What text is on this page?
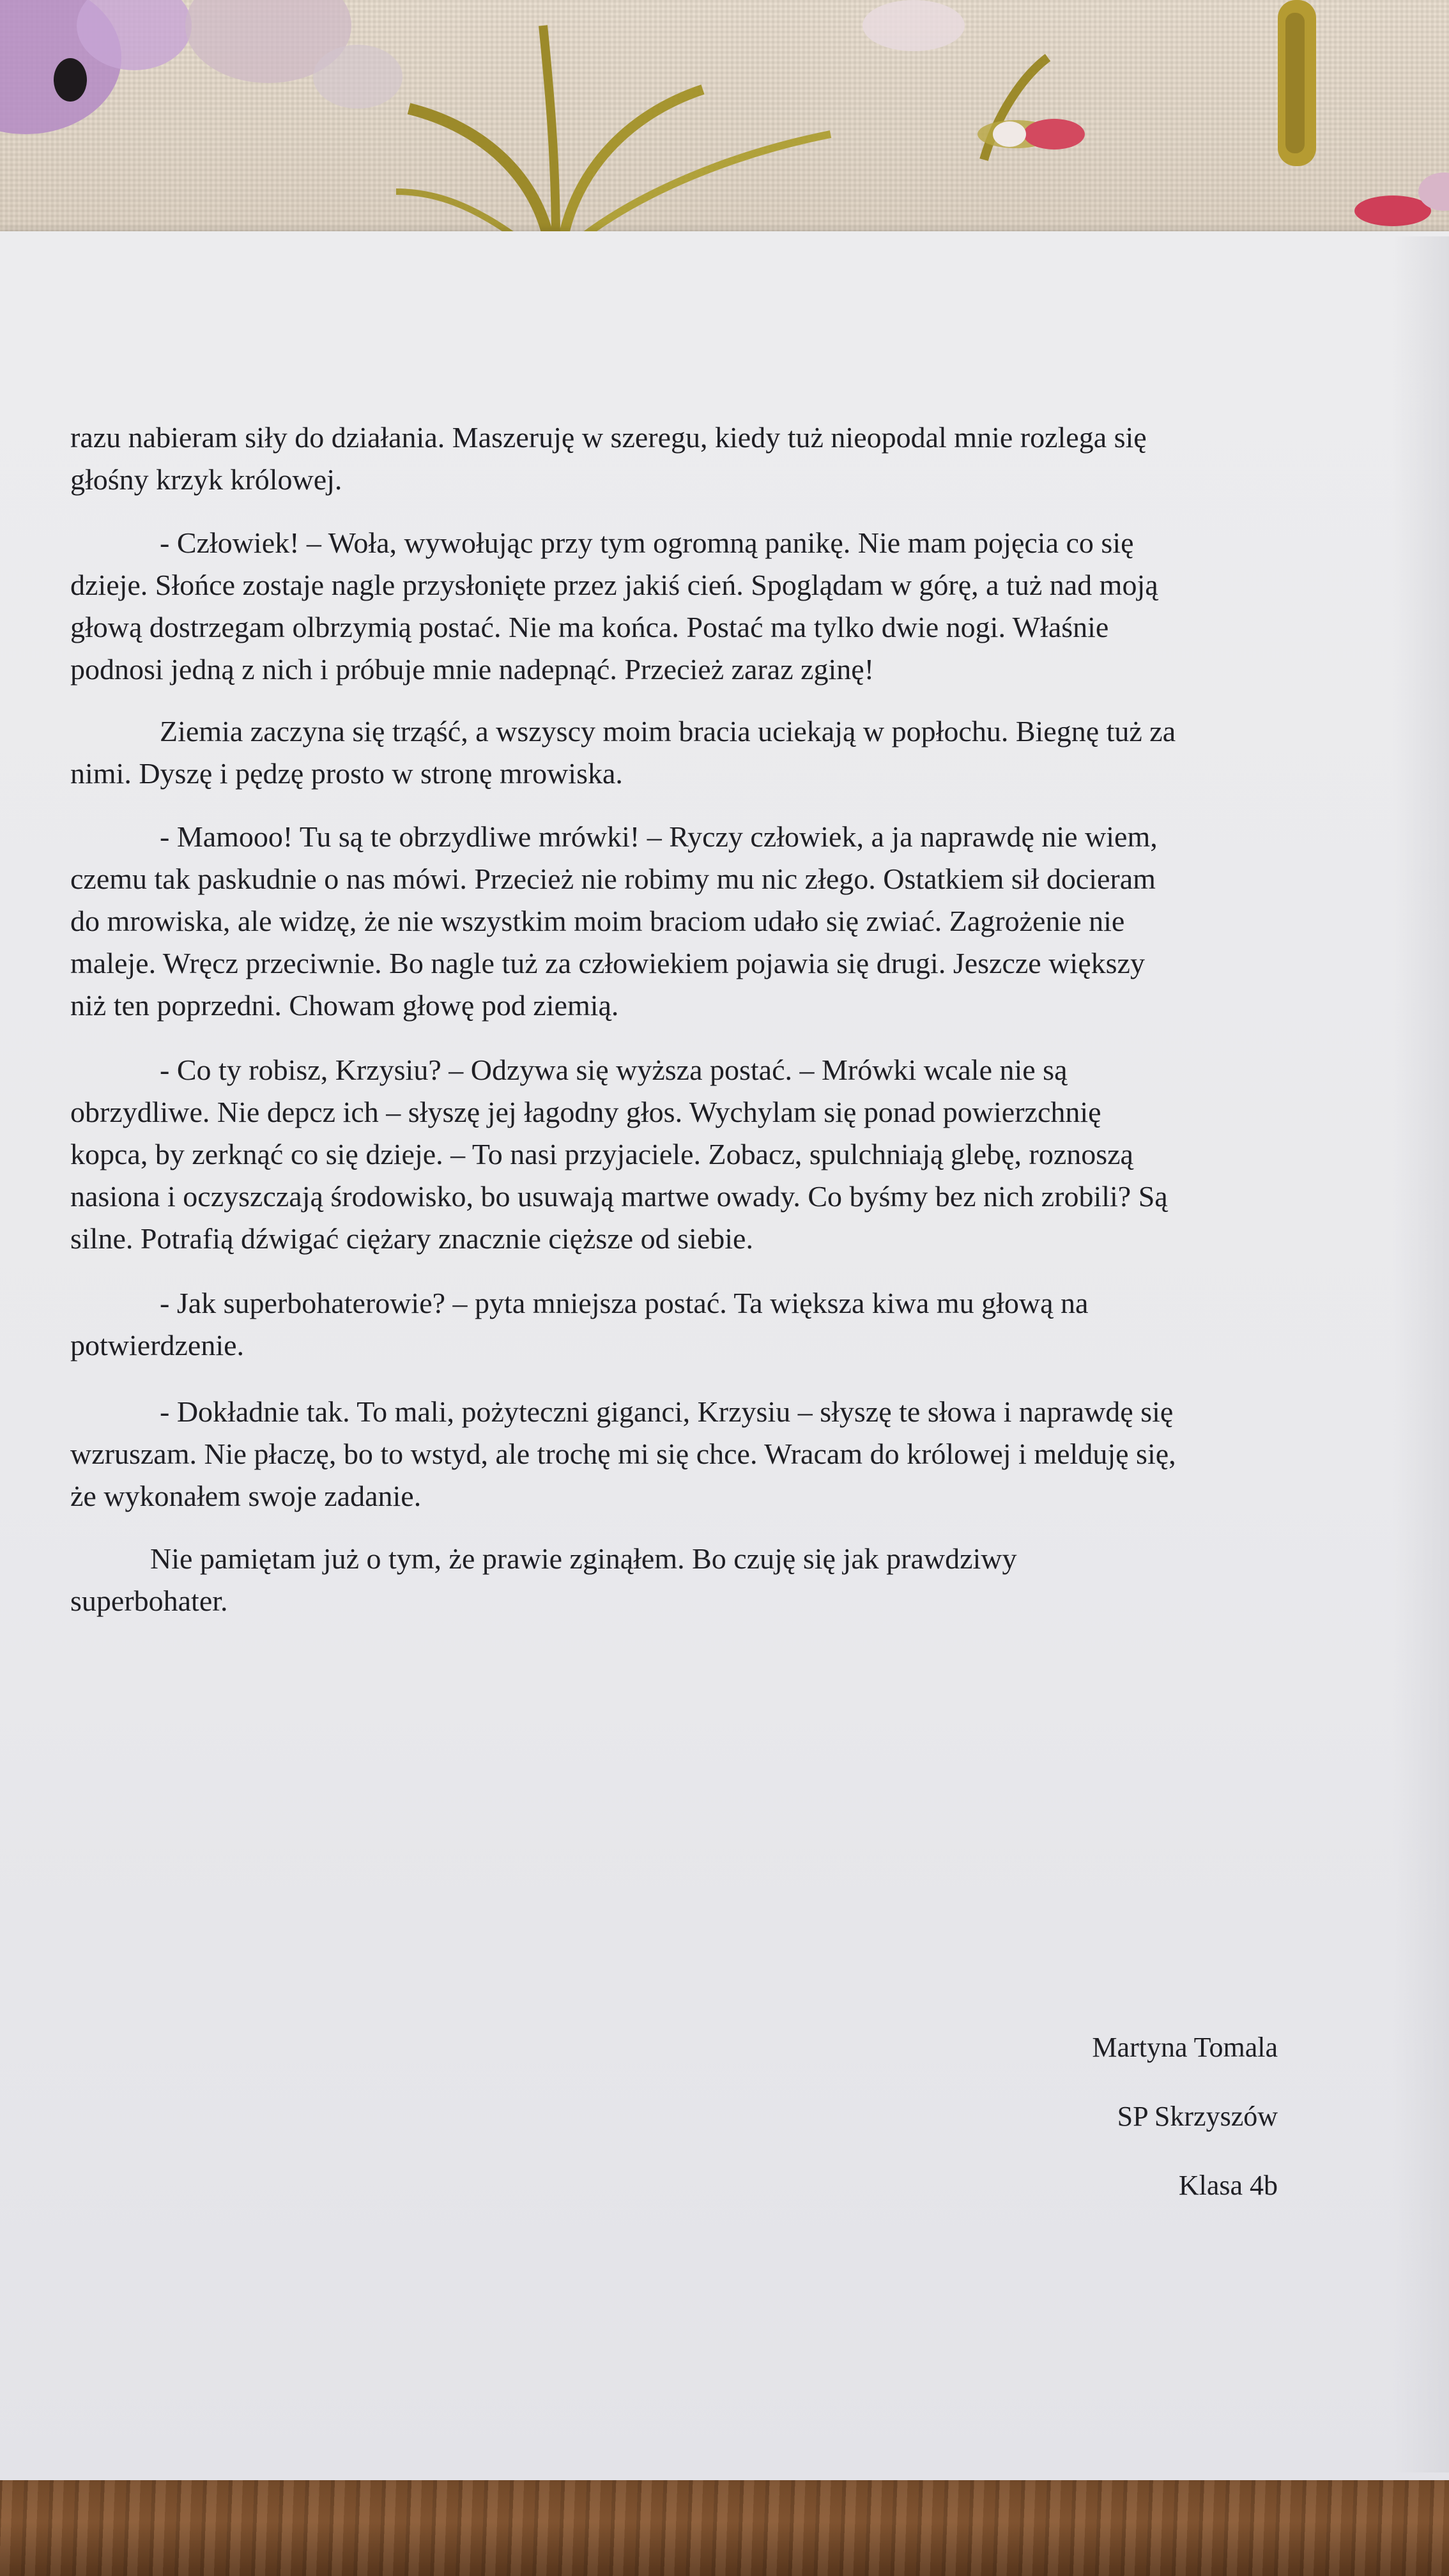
razu nabieram siły do działania. Maszeruję w szeregu, kiedy tuż nieopodal mnie rozlega się
głośny krzyk królowej.

- Człowiek! – Woła, wywołując przy tym ogromną panikę. Nie mam pojęcia co się
dzieje. Słońce zostaje nagle przysłonięte przez jakiś cień. Spoglądam w górę, a tuż nad moją
głową dostrzegam olbrzymią postać. Nie ma końca. Postać ma tylko dwie nogi. Właśnie
podnosi jedną z nich i próbuje mnie nadepnąć. Przecież zaraz zginę!

Ziemia zaczyna się trząść, a wszyscy moim bracia uciekają w popłochu. Biegnę tuż za
nimi. Dyszę i pędzę prosto w stronę mrowiska.

- Mamooo! Tu są te obrzydliwe mrówki! – Ryczy człowiek, a ja naprawdę nie wiem,
czemu tak paskudnie o nas mówi. Przecież nie robimy mu nic złego. Ostatkiem sił docieram
do mrowiska, ale widzę, że nie wszystkim moim braciom udało się zwiać. Zagrożenie nie
maleje. Wręcz przeciwnie. Bo nagle tuż za człowiekiem pojawia się drugi. Jeszcze większy
niż ten poprzedni. Chowam głowę pod ziemią.

- Co ty robisz, Krzysiu? – Odzywa się wyższa postać. – Mrówki wcale nie są
obrzydliwe. Nie depcz ich – słyszę jej łagodny głos. Wychylam się ponad powierzchnię
kopca, by zerknąć co się dzieje. – To nasi przyjaciele. Zobacz, spulchniają glebę, roznoszą
nasiona i oczyszczają środowisko, bo usuwają martwe owady. Co byśmy bez nich zrobili? Są
silne. Potrafią dźwigać ciężary znacznie cięższe od siebie.

- Jak superbohaterowie? – pyta mniejsza postać. Ta większa kiwa mu głową na
potwierdzenie.

- Dokładnie tak. To mali, pożyteczni giganci, Krzysiu – słyszę te słowa i naprawdę się
wzruszam. Nie płaczę, bo to wstyd, ale trochę mi się chce. Wracam do królowej i melduję się,
że wykonałem swoje zadanie.

Nie pamiętam już o tym, że prawie zginąłem. Bo czuję się jak prawdziwy
superbohater.

Martyna Tomala
SP Skrzyszów
Klasa 4b
